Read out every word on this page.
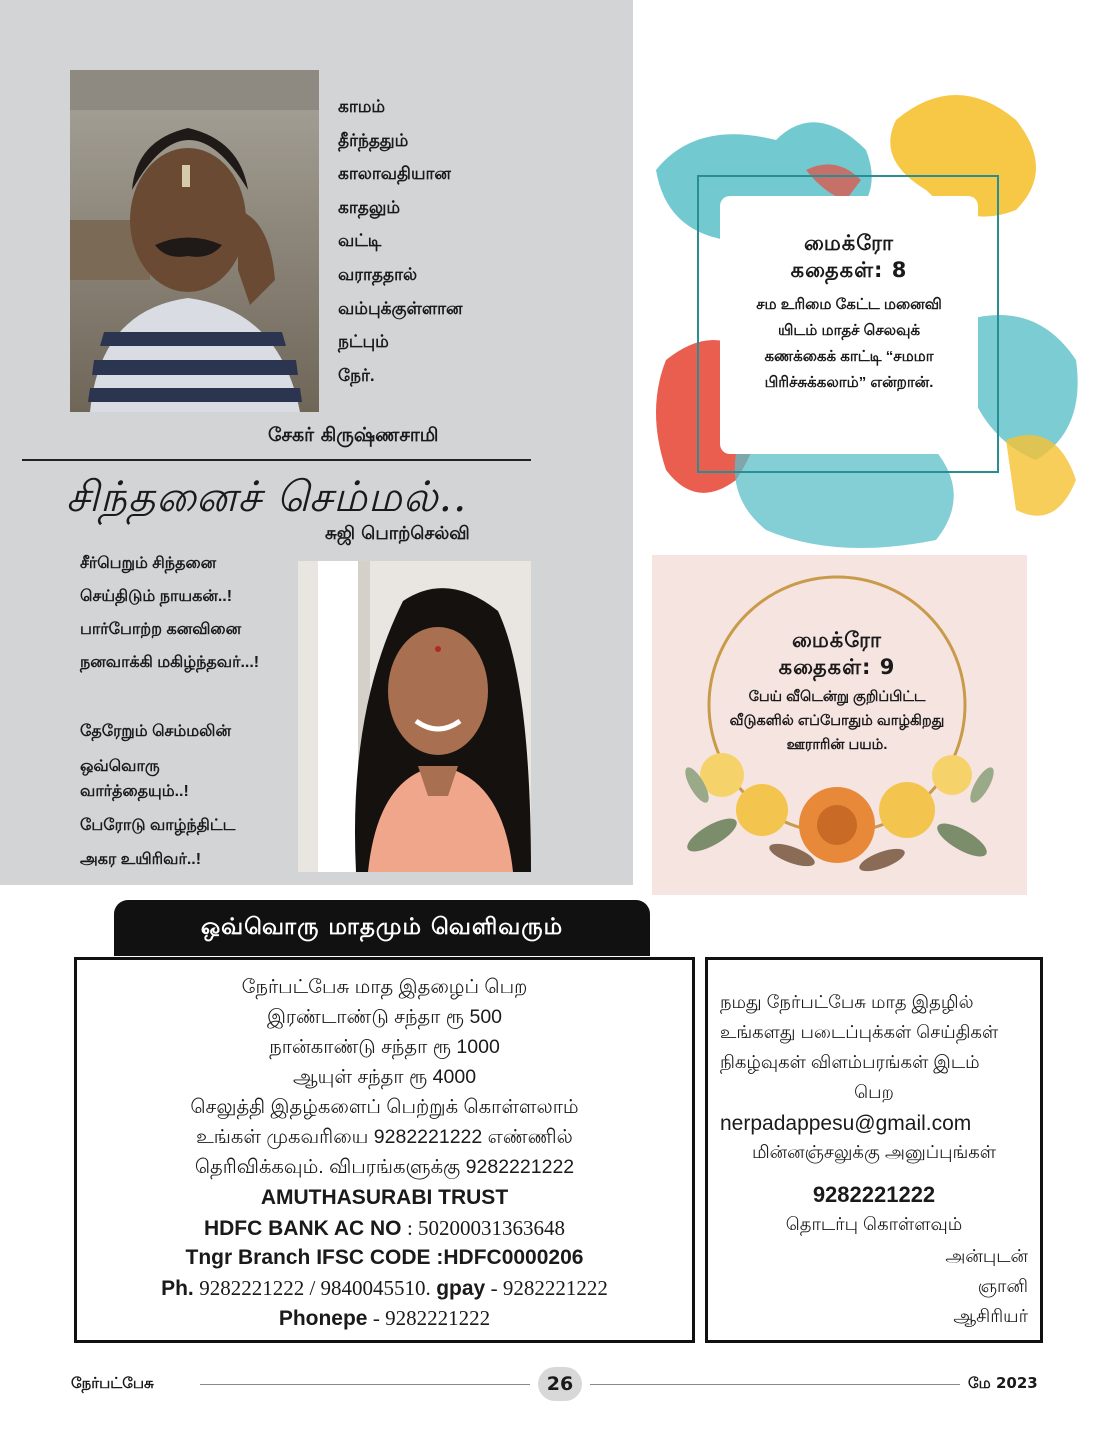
காமம்
தீர்ந்ததும்
காலாவதியான
காதலும்
வட்டி
வராததால்
வம்புக்குள்ளான
நட்பும்
நேர்.
சேகர் கிருஷ்ணசாமி
சிந்தனைச் செம்மல்..
சுஜி பொற்செல்வி
சீர்பெறும் சிந்தனை
செய்திடும் நாயகன்..!
பார்போற்ற கனவினை
நனவாக்கி மகிழ்ந்தவர்...!
தேரேறும் செம்மலின்
ஒவ்வொரு
வார்த்தையும்..!
பேரோடு வாழ்ந்திட்ட
அகர உயிரிவர்..!
மைக்ரோ
கதைகள்: 8
சம உரிமை கேட்ட மனைவி
யிடம் மாதச் செலவுக்
கணக்கைக் காட்டி “சமமா
பிரிச்சுக்கலாம்” என்றான்.
மைக்ரோ
கதைகள்: 9
பேய் வீடென்று குறிப்பிட்ட
வீடுகளில் எப்போதும் வாழ்கிறது
ஊராரின் பயம்.
ஒவ்வொரு மாதமும் வெளிவரும்
நேர்பட்பேசு மாத இதழைப் பெற
இரண்டாண்டு சந்தா ரூ 500
நான்காண்டு சந்தா ரூ 1000
ஆயுள் சந்தா ரூ 4000
செலுத்தி இதழ்களைப் பெற்றுக் கொள்ளலாம்
உங்கள் முகவரியை 9282221222 எண்ணில்
தெரிவிக்கவும். விபரங்களுக்கு 9282221222
AMUTHASURABI TRUST
HDFC BANK AC NO : 50200031363648
Tngr Branch IFSC CODE :HDFC0000206
Ph. 9282221222 / 9840045510. gpay - 9282221222
Phonepe - 9282221222
நமது நேர்பட்பேசு மாத இதழில்
உங்களது படைப்புக்கள் செய்திகள்
நிகழ்வுகள் விளம்பரங்கள் இடம்
பெற
nerpadappesu@gmail.com
மின்னஞ்சலுக்கு அனுப்புங்கள்
9282221222
தொடர்பு கொள்ளவும்
அன்புடன்
ஞானி
ஆசிரியர்
நேர்பட்பேசு	26	மே 2023
